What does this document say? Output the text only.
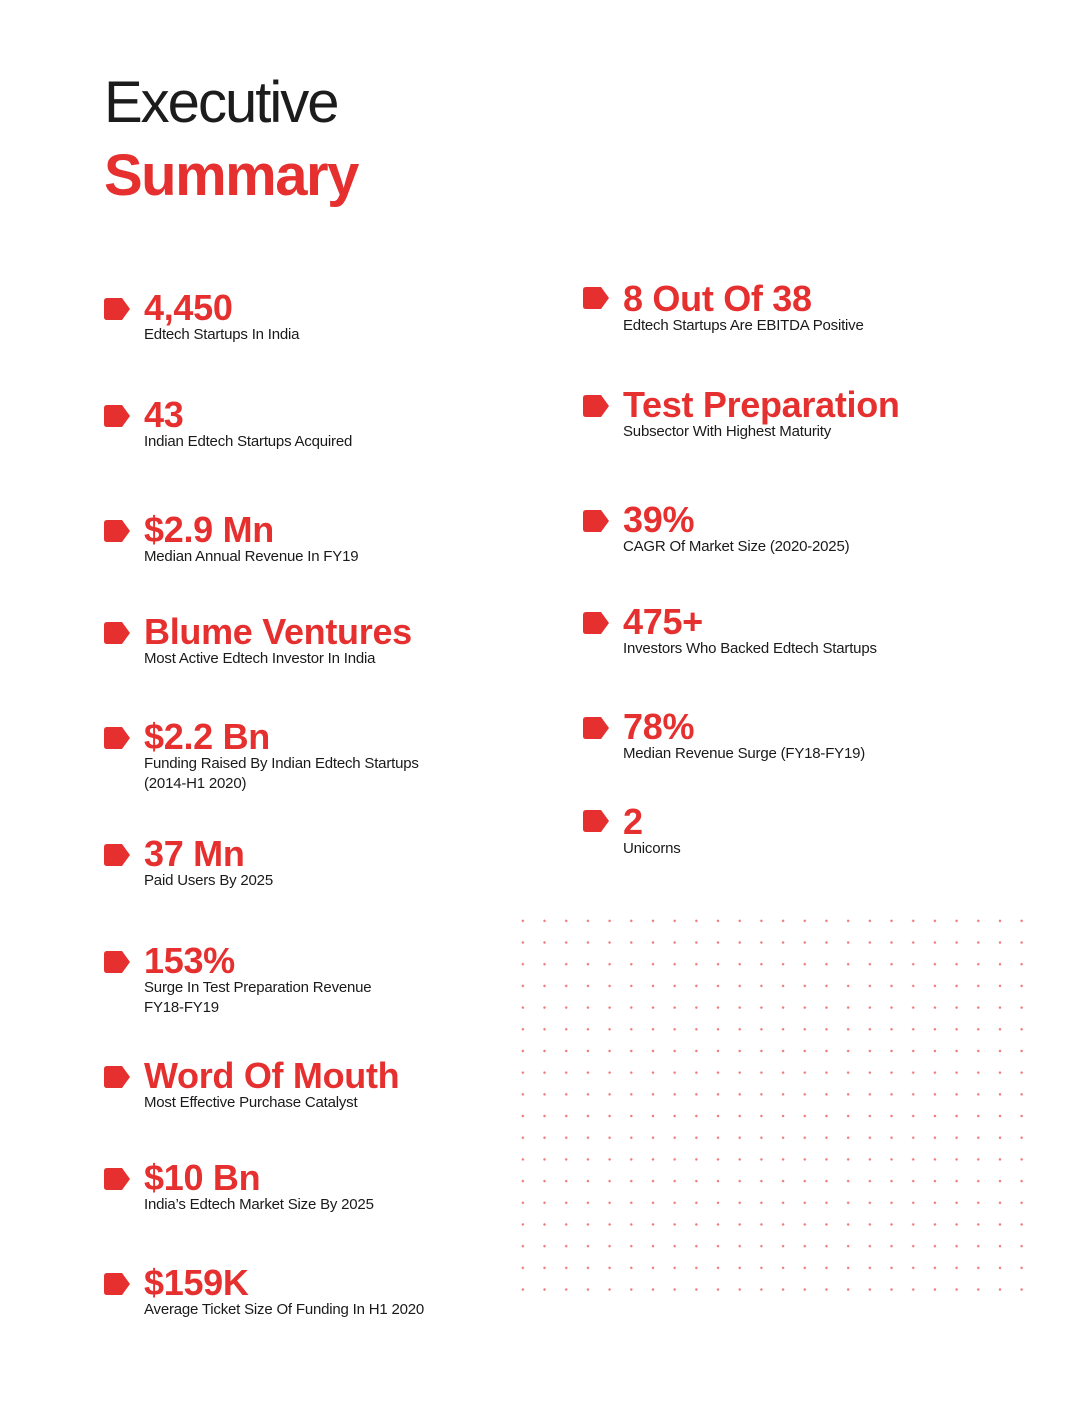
Executive
Summary
4,450
Edtech Startups In India
43
Indian Edtech Startups Acquired
$2.9 Mn
Median Annual Revenue In FY19
Blume Ventures
Most Active Edtech Investor In India
$2.2 Bn
Funding Raised By Indian Edtech Startups
(2014-H1 2020)
37 Mn
Paid Users By 2025
153%
Surge In Test Preparation Revenue
FY18-FY19
Word Of Mouth
Most Effective Purchase Catalyst
$10 Bn
India’s Edtech Market Size By 2025
$159K
Average Ticket Size Of Funding In H1 2020
8 Out Of 38
Edtech Startups Are EBITDA Positive
Test Preparation
Subsector With Highest Maturity
39%
CAGR Of Market Size (2020-2025)
475+
Investors Who Backed Edtech Startups
78%
Median Revenue Surge (FY18-FY19)
2
Unicorns
